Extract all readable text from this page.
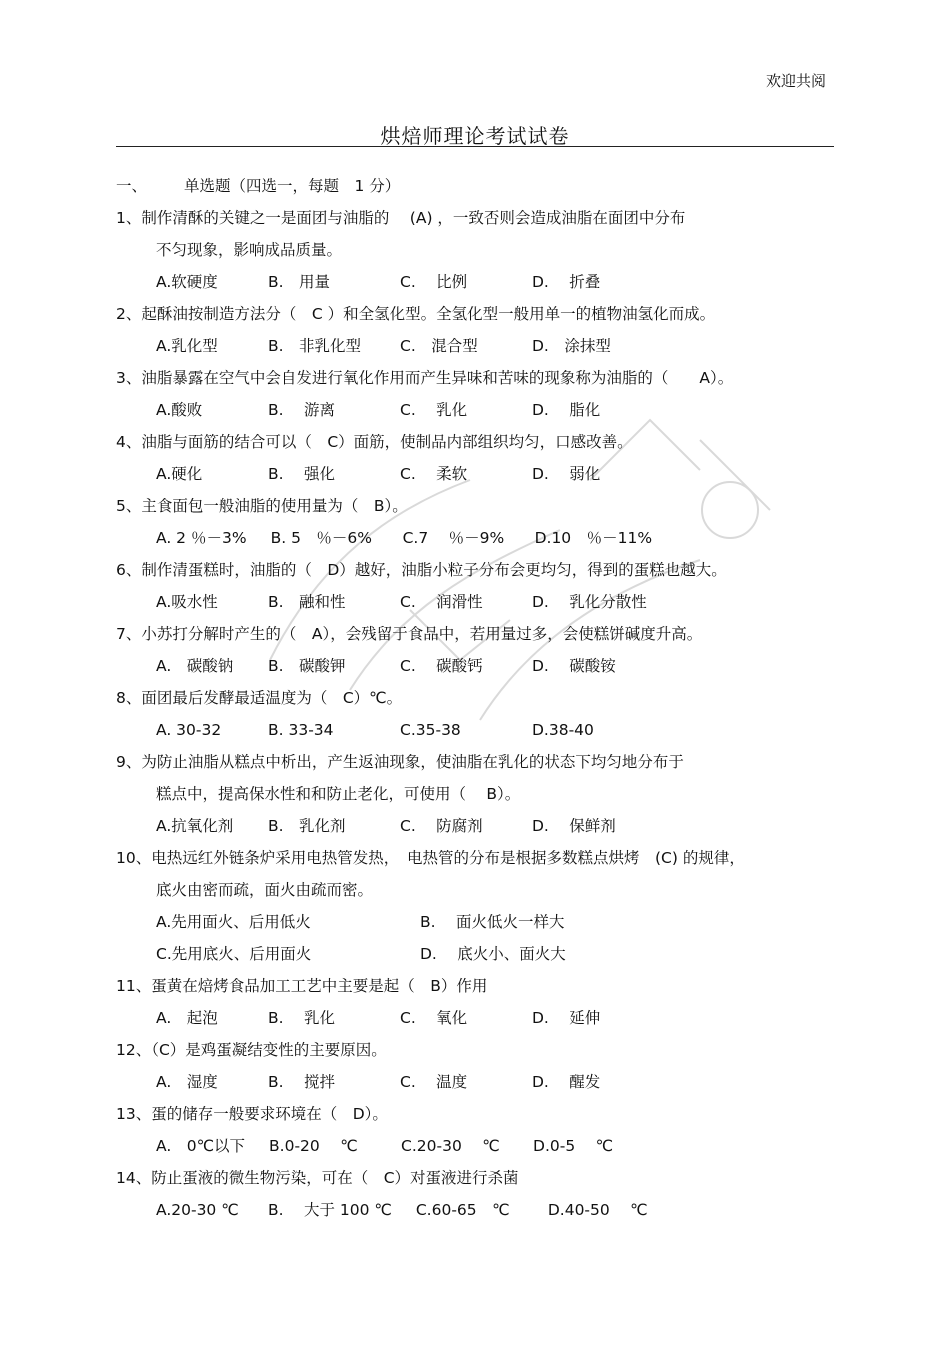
欢迎共阅
烘焙师理论考试试卷
一、 单选题（四选一，每题　1 分）
1、制作清酥的关键之一是面团与油脂的　 (A) ，一致否则会造成油脂在面团中分布
不匀现象，影响成品质量。
A.软硬度	B.　用量	C.　 比例	D.　 折叠
2、起酥油按制造方法分（　C ）和全氢化型。全氢化型一般用单一的植物油氢化而成。
A.乳化型	B.　非乳化型	C.　混合型	D.　涂抹型
3、油脂暴露在空气中会自发进行氧化作用而产生异味和苦味的现象称为油脂的（　　A）。
A.酸败	B.　 游离	C.　 乳化	D.　 脂化
4、油脂与面筋的结合可以（　C）面筋，使制品内部组织均匀，口感改善。
A.硬化	B.　 强化	C.　 柔软	D.　 弱化
5、主食面包一般油脂的使用量为（　B）。
A. 2 ％－3% B. 5　％－6% C.7　 ％－9% D.10　％－11%
6、制作清蛋糕时，油脂的（　D）越好，油脂小粒子分布会更均匀，得到的蛋糕也越大。
A.吸水性	B.　融和性	C.　 润滑性	D.　 乳化分散性
7、小苏打分解时产生的（　A），会残留于食品中，若用量过多，会使糕饼碱度升高。
A.　碳酸钠 B.　碳酸钾	C.　 碳酸钙	D.　 碳酸铵
8、面团最后发酵最适温度为（　C）℃。
A. 30-32	B. 33-34	C.35-38	D.38-40
9、为防止油脂从糕点中析出，产生返油现象，使油脂在乳化的状态下均匀地分布于
糕点中，提高保水性和和防止老化，可使用（　 B）。
A.抗氧化剂 B.　乳化剂	C.　 防腐剂	D.　 保鲜剂
10、电热远红外链条炉采用电热管发热，　电热管的分布是根据多数糕点烘烤　(C) 的规律，
底火由密而疏，面火由疏而密。
A.先用面火、后用低火	B.　 面火低火一样大
C.先用底火、后用面火	D.　 底火小、面火大
11、蛋黄在焙烤食品加工工艺中主要是起（　B）作用
A.　起泡	B.　 乳化	C.　 氧化	D.　 延伸
12、（C）是鸡蛋凝结变性的主要原因。
A.　湿度	B.　 搅拌	C.　 温度	D.　 醒发
13、蛋的储存一般要求环境在（　D）。
A.　0℃以下 B.0-20　 ℃	C.20-30　 ℃ D.0-5　 ℃
14、防止蛋液的微生物污染，可在（　C）对蛋液进行杀菌
A.20-30 ℃ B.　 大于 100 ℃ C.60-65　℃ D.40-50　 ℃
